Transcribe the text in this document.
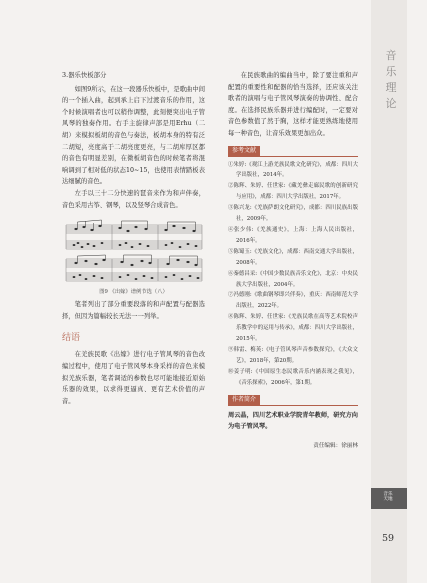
3.器乐快板部分

如图9所示，在这一段器乐快板中，是歌曲中间的一个插入曲，起到承上启下过渡音乐的作用，这个时候演唱者也可以稍作调整，此刻便突出电子管风琴的独奏作用。右手主旋律声部是用Erhu（二胡）来模拟板胡的音色与奏法，板胡本身的特有泛二胡短，亮度高于二胡亮度更亮，与二胡库厚区都的音色有明显差别，在微板胡音色的时候笔者将混响调到了相对低的状态10~15，也使用表情踏板表达细腻的音色。

左手以三十二分快速的琶音来作为和声伴奏，音色采用古筝、钢琴，以及竖琴合成音色。

图9 《出嫁》谱例节选（八）

笔者列出了部分重要段落的和声配置与配器选择，但因为篇幅较长无法一一列举。

结语

在羌族民歌《出嫁》进行电子管风琴的音色改编过程中，使用了电子管风琴本身采样的音色来模拟羌族乐器，笔者调适的参数也尽可能地接近原始乐器的效果，以求得更逼真、更有艺术价值的声音。

在民族歌曲的编曲当中，除了要注重和声配置的重要性和配器的恰当选择，还应该关注歌者的演唱与电子管风琴演奏的协调性、配合度。在选择民族乐器并进行编配时，一定要对音色参数值了然于胸，这样才能更熟练地使用每一种音色，让音乐效果更加出众。

参考文献
①朱婷:《观江上游羌族民歌文化研究》，成都：四川大学出版社，2014年。
②陈辉、朱婷、任世家:《藏羌彝走廊民歌的创新研究与应用》，成都：四川大学出版社，2017年。
③陈兴龙:《羌族萨朗文化研究》，成都：四川民族出版社，2009年。
④张少伟:《羌族通史》，上海：上海人民出版社，2016年。
⑤陈蜀玉:《羌族文化》，成都：西南交通大学出版社，2008年。
⑥秦德昌采:《中国少数民族音乐文化》，北京：中央民族大学出版社，2004年。
⑦冯德刚:《歌曲钢琴即兴伴奏》，重庆：西南师范大学出版社，2022年。
⑧陈辉、朱婷、任世家:《羌族民歌在高等艺术院校声乐教学中的运用与传承》，成都：四川大学出版社，2015年。
⑨韩雷、梅英:《电子管风琴声音参数探究》，《大众文艺》，2018年，第20期。
⑩姜子明:《中国原生态民歌音乐内涵表现之我见》，《音乐探索》，2006年，第1期。
作者简介
周云晶，四川艺术职业学院青年教师，研究方向为电子管风琴。
责任编辑：徐丽林
音乐理论
音乐天地
59
